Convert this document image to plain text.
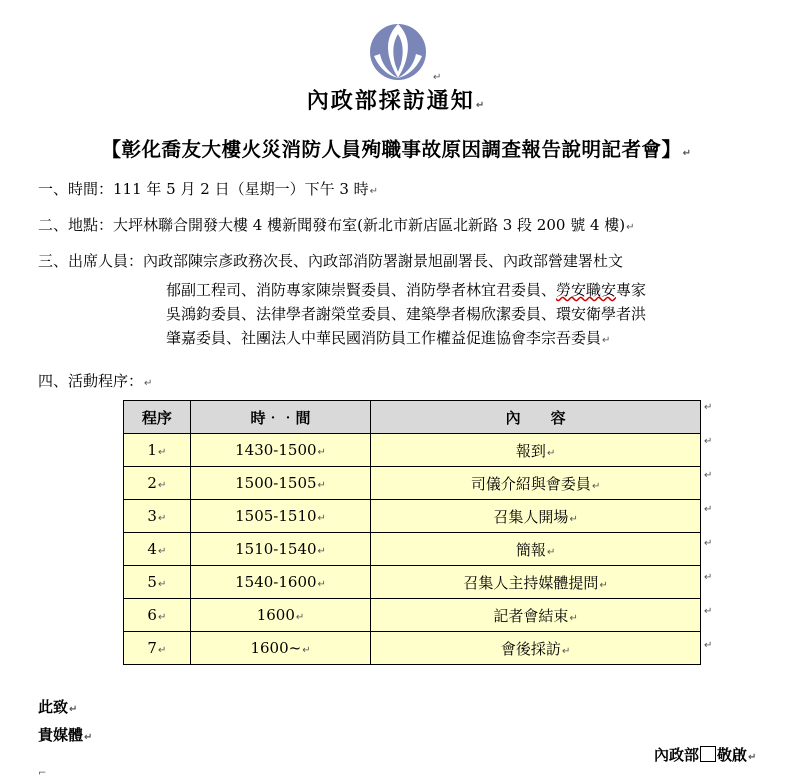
↵
內政部採訪通知↵
【彰化喬友大樓火災消防人員殉職事故原因調查報告說明記者會】↵
一、時間：111 年 5 月 2 日（星期一）下午 3 時↵
二、地點：大坪林聯合開發大樓 4 樓新聞發布室(新北市新店區北新路 3 段 200 號 4 樓)↵
三、出席人員：內政部陳宗彥政務次長、內政部消防署謝景旭副署長、內政部營建署杜文
郁副工程司、消防專家陳崇賢委員、消防學者林宜君委員、勞安職安專家
吳鴻鈞委員、法律學者謝榮堂委員、建築學者楊欣潔委員、環安衛學者洪
肇嘉委員、社團法人中華民國消防員工作權益促進協會李宗吾委員↵
四、活動程序：↵
程序	時‧‧間	內　　容
1↵	1430-1500↵	報到↵
2↵	1500-1505↵	司儀介紹與會委員↵
3↵	1505-1510↵	召集人開場↵
4↵	1510-1540↵	簡報↵
5↵	1540-1600↵	召集人主持媒體提問↵
6↵	1600↵	記者會結束↵
7↵	1600~↵	會後採訪↵
↵
↵
↵
↵
↵
↵
↵
↵
此致↵
貴媒體↵
內政部 敬啟↵
⌐
